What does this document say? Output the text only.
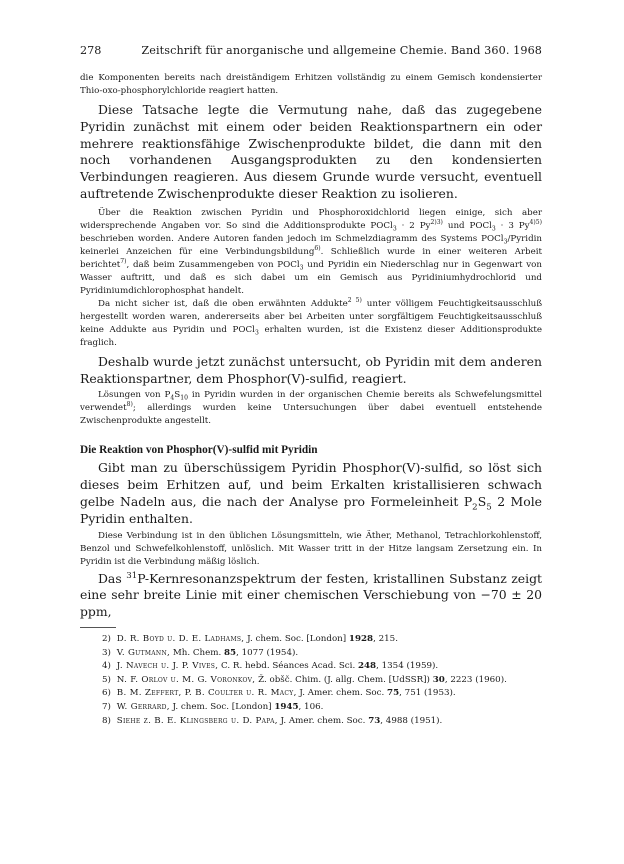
278	Zeitschrift für anorganische und allgemeine Chemie. Band 360. 1968

die Komponenten bereits nach dreiständigem Erhitzen vollständig zu einem Gemisch kondensierter Thio-oxo-phosphorylchloride reagiert hatten.

Diese Tatsache legte die Vermutung nahe, daß das zugegebene Pyridin zunächst mit einem oder beiden Reaktionspartnern ein oder mehrere reaktionsfähige Zwischenprodukte bildet, die dann mit den noch vorhandenen Ausgangsprodukten zu den kondensierten Verbindungen reagieren. Aus diesem Grunde wurde versucht, eventuell auftretende Zwischenprodukte dieser Reaktion zu isolieren.

Über die Reaktion zwischen Pyridin und Phosphoroxidchlorid liegen einige, sich aber widersprechende Angaben vor. So sind die Additionsprodukte POCl$_3$ · 2 $Py^{2)3)}$ und POCl$_3$ · 3 $Py^{4)5)}$ beschrieben worden. Andere Autoren fanden jedoch im Schmelzdiagramm des Systems POCl$_3$/Pyridin keinerlei Anzeichen für eine Verbindungsbildung$^{6)}$. Schließlich wurde in einer weiteren Arbeit berichtet$^{7)}$, daß beim Zusammengeben von POCl$_3$ und Pyridin ein Niederschlag nur in Gegenwart von Wasser auftritt, und daß es sich dabei um ein Gemisch aus Pyridiniumhydrochlorid und Pyridiniumdichlorophosphat handelt.

Da nicht sicher ist, daß die oben erwähnten Addukte$^{2 5)}$ unter völligem Feuchtigkeitsausschluß hergestellt worden waren, andererseits aber bei Arbeiten unter sorgfältigem Feuchtigkeitsausschluß keine Addukte aus Pyridin und POCl$_3$ erhalten wurden, ist die Existenz dieser Additionsprodukte fraglich.

Deshalb wurde jetzt zunächst untersucht, ob Pyridin mit dem anderen Reaktionspartner, dem Phosphor(V)-sulfid, reagiert.

Lösungen von $P_4S_{10}$ in Pyridin wurden in der organischen Chemie bereits als Schwefelungsmittel verwendet$^{8)}$; allerdings wurden keine Untersuchungen über dabei eventuell entstehende Zwischenprodukte angestellt.

Die Reaktion von Phosphor(V)-sulfid mit Pyridin

Gibt man zu überschüssigem Pyridin Phosphor(V)-sulfid, so löst sich dieses beim Erhitzen auf, und beim Erkalten kristallisieren schwach gelbe Nadeln aus, die nach der Analyse pro Formeleinheit $P_2S_5$ 2 Mole Pyridin enthalten.

Diese Verbindung ist in den üblichen Lösungsmitteln, wie Äther, Methanol, Tetrachlorkohlenstoff, Benzol und Schwefelkohlenstoff, unlöslich. Mit Wasser tritt in der Hitze langsam Zersetzung ein. In Pyridin ist die Verbindung mäßig löslich.

Das $^{31}$P-Kernresonanzspektrum der festen, kristallinen Substanz zeigt eine sehr breite Linie mit einer chemischen Verschiebung von −70 ± 20 ppm,

2) D. R. Boyd u. D. E. Ladhams, J. chem. Soc. [London] 1928, 215.

3) V. Gutmann, Mh. Chem. 85, 1077 (1954).

4) J. Navech u. J. P. Vives, C. R. hebd. Séances Acad. Sci. 248, 1354 (1959).

5) N. F. Orlov u. M. G. Voronkov, Ž. obšč. Chim. (J. allg. Chem. [UdSSR]) 30, 2223 (1960).

6) B. M. Zeffert, P. B. Coulter u. R. Macy, J. Amer. chem. Soc. 75, 751 (1953).

7) W. Gerrard, J. chem. Soc. [London] 1945, 106.

8) Siehe z. B. E. Klingsberg u. D. Papa, J. Amer. chem. Soc. 73, 4988 (1951).
